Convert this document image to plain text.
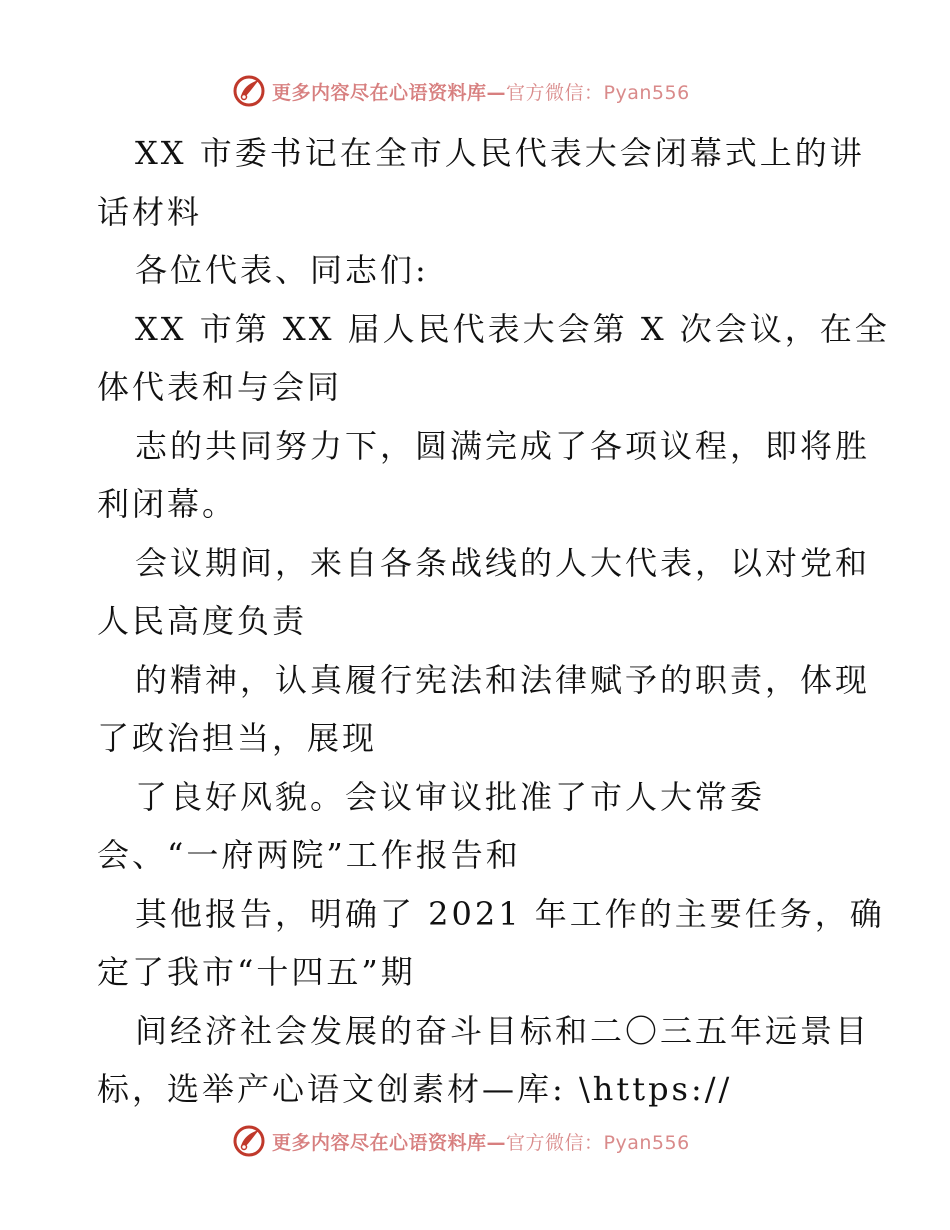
更多内容尽在心语资料库—官方微信：Pyan556
XX 市委书记在全市人民代表大会闭幕式上的讲
话材料
各位代表、同志们:
XX 市第 XX 届人民代表大会第 X 次会议，在全
体代表和与会同
志的共同努力下，圆满完成了各项议程，即将胜
利闭幕。
会议期间，来自各条战线的人大代表，以对党和
人民高度负责
的精神，认真履行宪法和法律赋予的职责，体现
了政治担当，展现
了良好风貌。会议审议批准了市人大常委
会、“一府两院”工作报告和
其他报告，明确了 2021 年工作的主要任务，确
定了我市“十四五”期
间经济社会发展的奋斗目标和二〇三五年远景目
标，选举产心语文创素材—库: \https://
更多内容尽在心语资料库—官方微信：Pyan556
